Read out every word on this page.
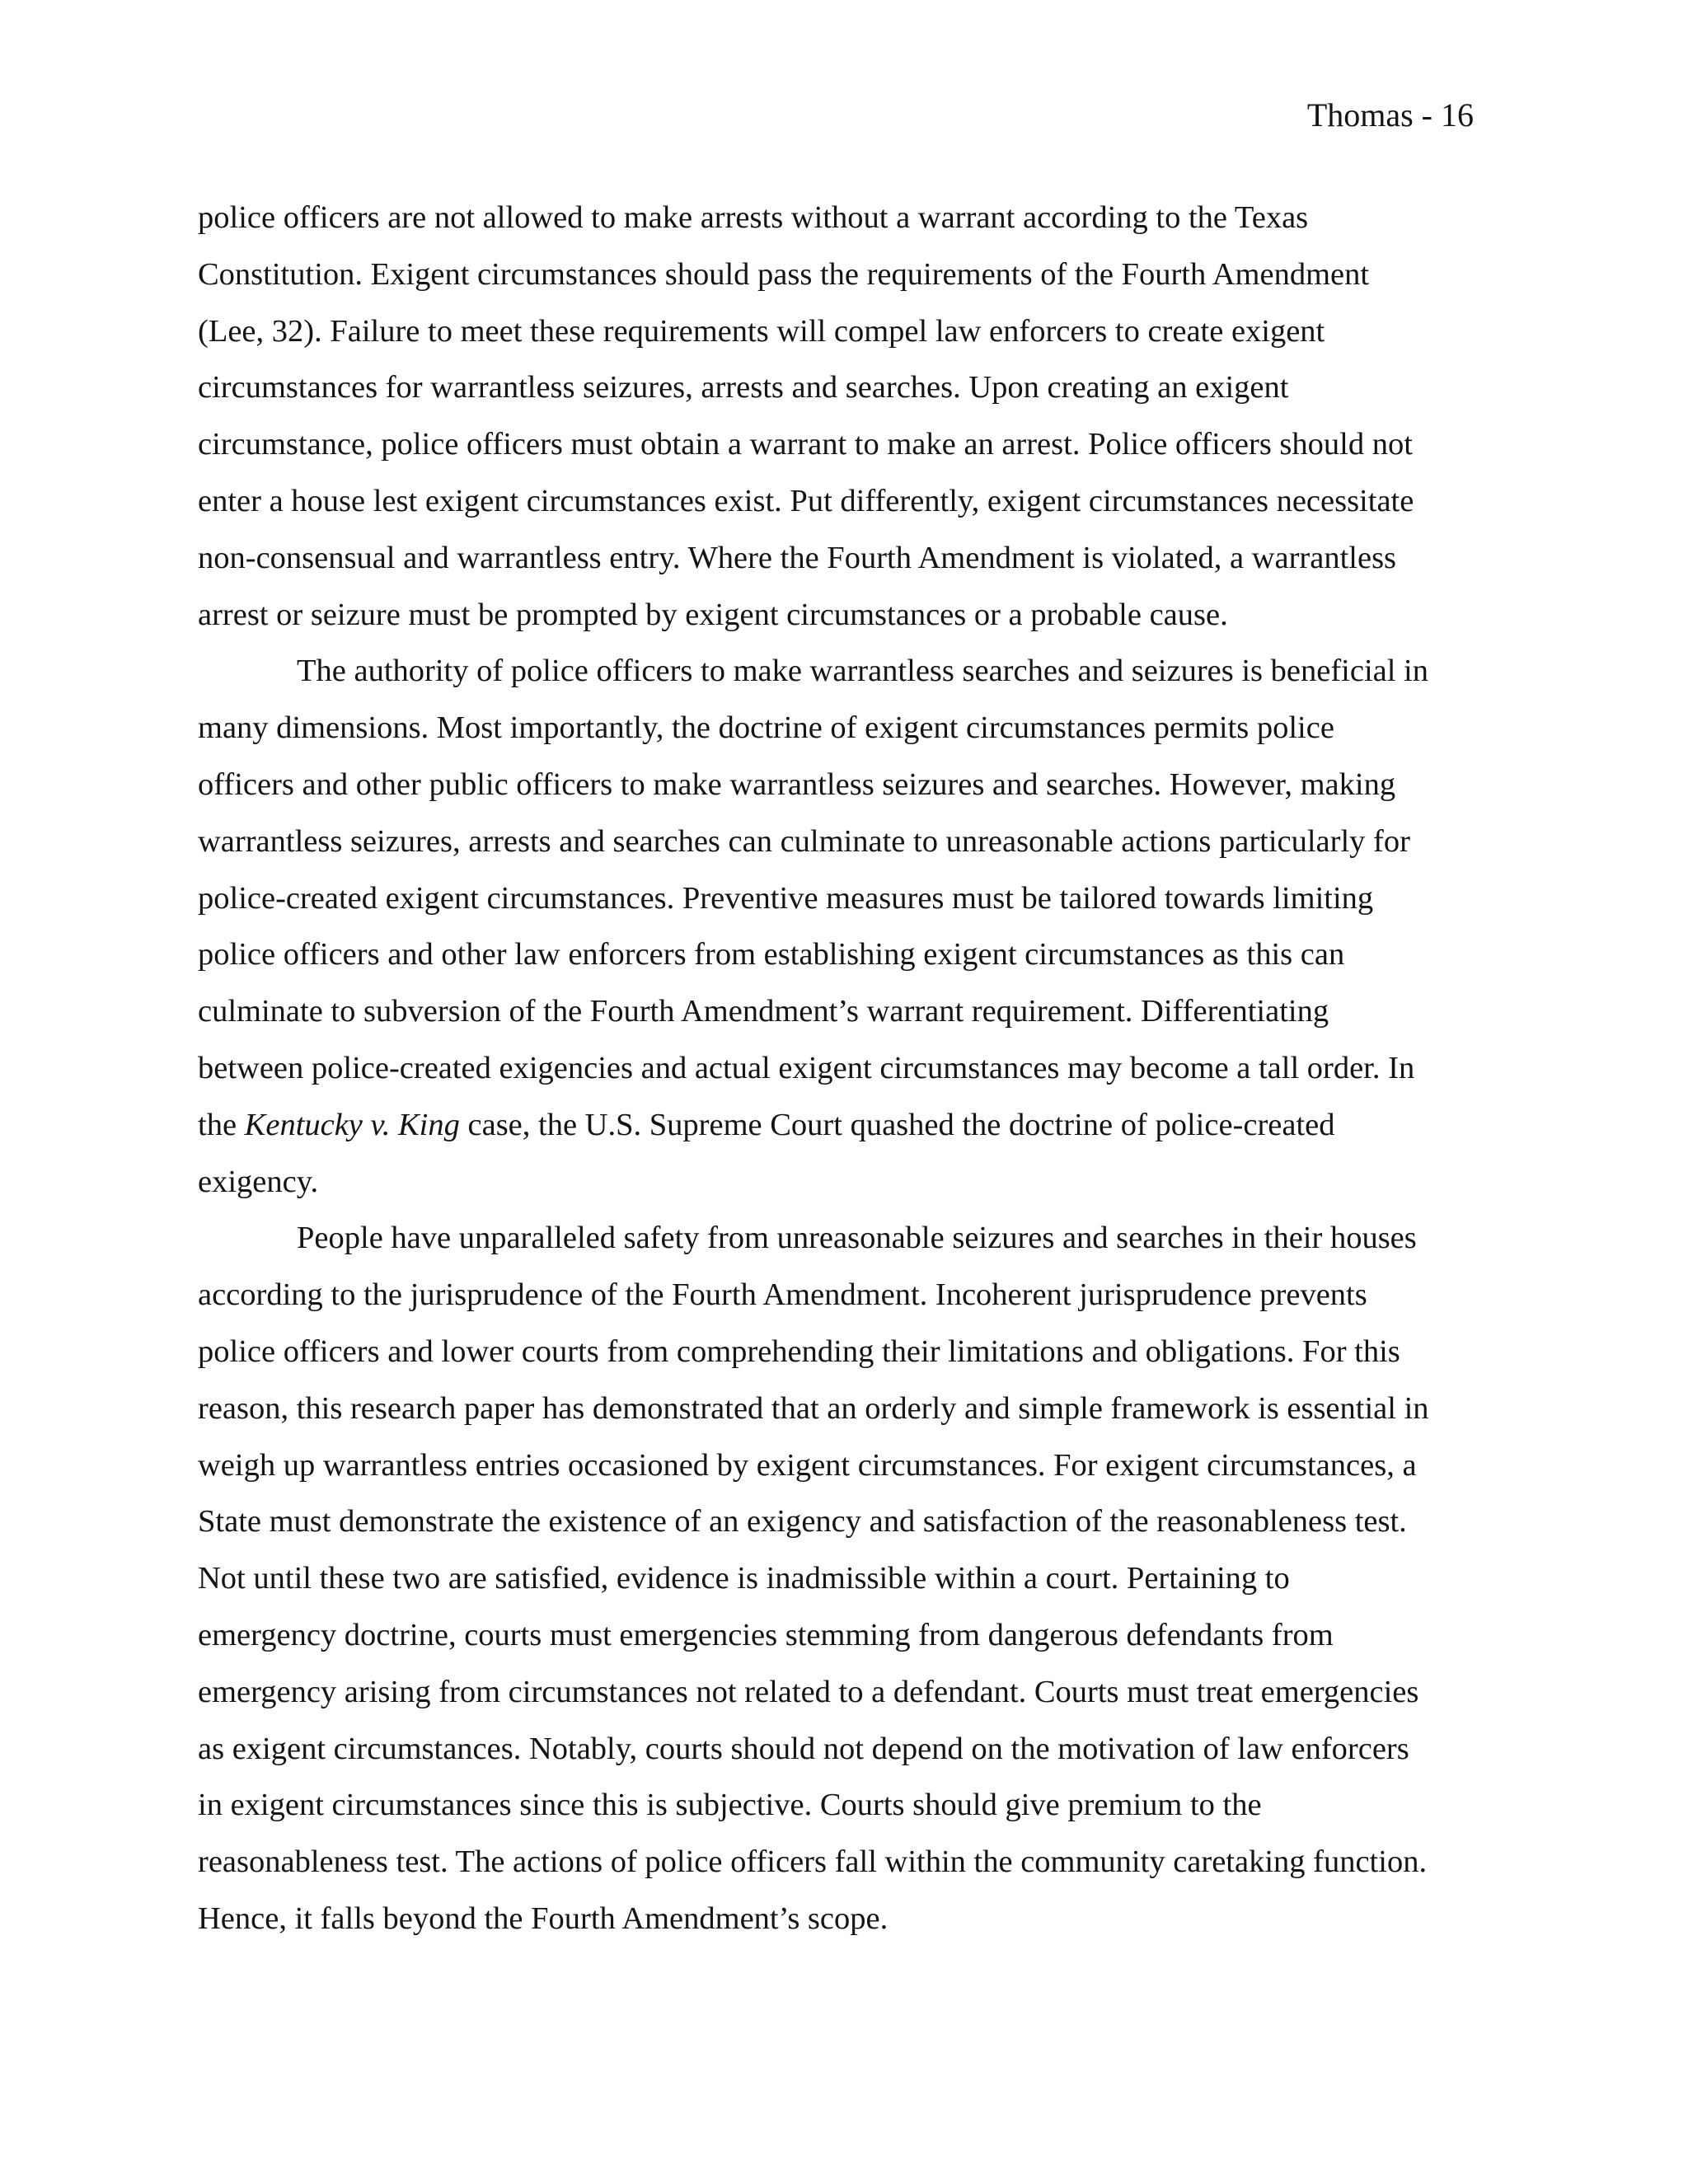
Thomas - 16
police officers are not allowed to make arrests without a warrant according to the Texas
Constitution. Exigent circumstances should pass the requirements of the Fourth Amendment
(Lee, 32). Failure to meet these requirements will compel law enforcers to create exigent
circumstances for warrantless seizures, arrests and searches. Upon creating an exigent
circumstance, police officers must obtain a warrant to make an arrest. Police officers should not
enter a house lest exigent circumstances exist. Put differently, exigent circumstances necessitate
non-consensual and warrantless entry. Where the Fourth Amendment is violated, a warrantless
arrest or seizure must be prompted by exigent circumstances or a probable cause.
The authority of police officers to make warrantless searches and seizures is beneficial in
many dimensions. Most importantly, the doctrine of exigent circumstances permits police
officers and other public officers to make warrantless seizures and searches. However, making
warrantless seizures, arrests and searches can culminate to unreasonable actions particularly for
police-created exigent circumstances. Preventive measures must be tailored towards limiting
police officers and other law enforcers from establishing exigent circumstances as this can
culminate to subversion of the Fourth Amendment’s warrant requirement. Differentiating
between police-created exigencies and actual exigent circumstances may become a tall order. In
the Kentucky v. King case, the U.S. Supreme Court quashed the doctrine of police-created
exigency.
People have unparalleled safety from unreasonable seizures and searches in their houses
according to the jurisprudence of the Fourth Amendment. Incoherent jurisprudence prevents
police officers and lower courts from comprehending their limitations and obligations. For this
reason, this research paper has demonstrated that an orderly and simple framework is essential in
weigh up warrantless entries occasioned by exigent circumstances. For exigent circumstances, a
State must demonstrate the existence of an exigency and satisfaction of the reasonableness test.
Not until these two are satisfied, evidence is inadmissible within a court. Pertaining to
emergency doctrine, courts must emergencies stemming from dangerous defendants from
emergency arising from circumstances not related to a defendant. Courts must treat emergencies
as exigent circumstances. Notably, courts should not depend on the motivation of law enforcers
in exigent circumstances since this is subjective. Courts should give premium to the
reasonableness test. The actions of police officers fall within the community caretaking function.
Hence, it falls beyond the Fourth Amendment’s scope.
